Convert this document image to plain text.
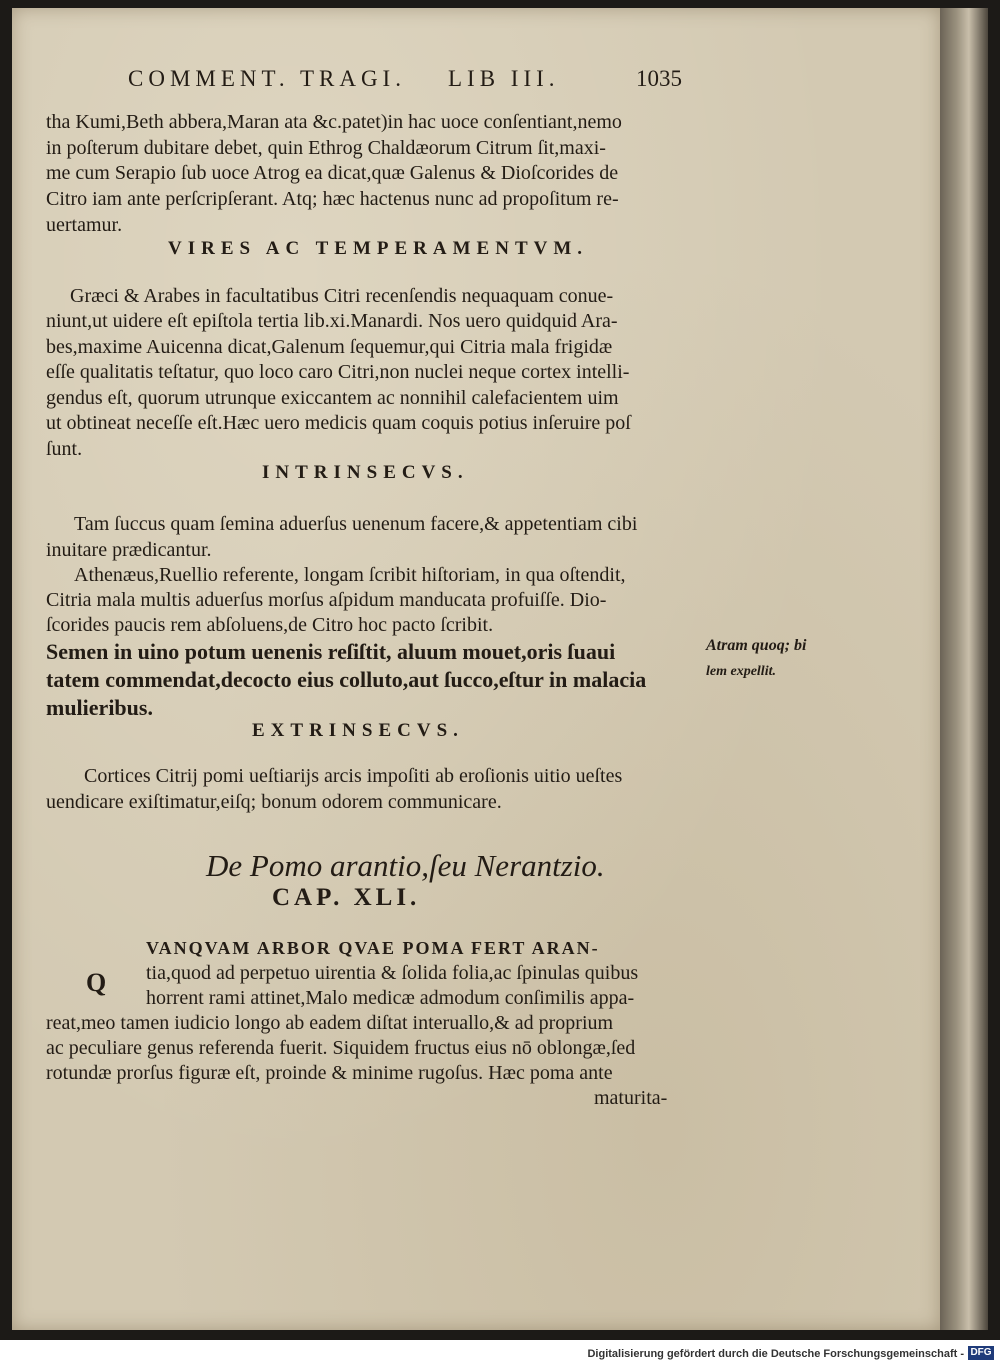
COMMENT. TRAGI. LIB III.	1035
tha Kumi,Beth abbera,Maran ata &c.patet)in hac uoce conſentiant,nemo
in poſterum dubitare debet, quin Ethrog Chaldæorum Citrum ſit,maxi-
me cum Serapio ſub uoce Atrog ea dicat,quæ Galenus & Dioſcorides de
Citro iam ante perſcripſerant. Atq; hæc hactenus nunc ad propoſitum re-
uertamur.
VIRES AC TEMPERAMENTVM.
Græci & Arabes in facultatibus Citri recenſendis nequaquam conue-
niunt,ut uidere eſt epiſtola tertia lib.xi.Manardi. Nos uero quidquid Ara-
bes,maxime Auicenna dicat,Galenum ſequemur,qui Citria mala frigidæ
eſſe qualitatis teſtatur, quo loco caro Citri,non nuclei neque cortex intelli-
gendus eſt, quorum utrunque exiccantem ac nonnihil calefacientem uim
ut obtineat neceſſe eſt.Hæc uero medicis quam coquis potius inſeruire poſ
ſunt.
INTRINSECVS.
Tam ſuccus quam ſemina aduerſus uenenum facere,& appetentiam cibi
inuitare prædicantur.
Athenæus,Ruellio referente, longam ſcribit hiſtoriam, in qua oſtendit,
Citria mala multis aduerſus morſus aſpidum manducata profuiſſe. Dio-
ſcorides paucis rem abſoluens,de Citro hoc pacto ſcribit.
Semen in uino potum uenenis reſiſtit, aluum mouet,oris ſuaui
tatem commendat,decocto eius colluto,aut ſucco,eſtur in malacia
mulieribus.
Atram quoq; bi
lem expellit.
EXTRINSECVS.
Cortices Citrij pomi ueſtiarijs arcis impoſiti ab eroſionis uitio ueſtes
uendicare exiſtimatur,eiſq; bonum odorem communicare.
De Pomo arantio,ſeu Nerantzio.
CAP. XLI.
VANQVAM ARBOR QVAE POMA FERT ARAN-
Q tia,quod ad perpetuo uirentia & ſolida folia,ac ſpinulas quibus
horrent rami attinet,Malo medicæ admodum conſimilis appa-
reat,meo tamen iudicio longo ab eadem diſtat interuallo,& ad proprium
ac peculiare genus referenda fuerit. Siquidem fructus eius nō oblongæ,ſed
rotundæ prorſus figuræ eſt, proinde & minime rugoſus. Hæc poma ante
maturita-
Digitalisierung gefördert durch die Deutsche Forschungsgemeinschaft - DFG
